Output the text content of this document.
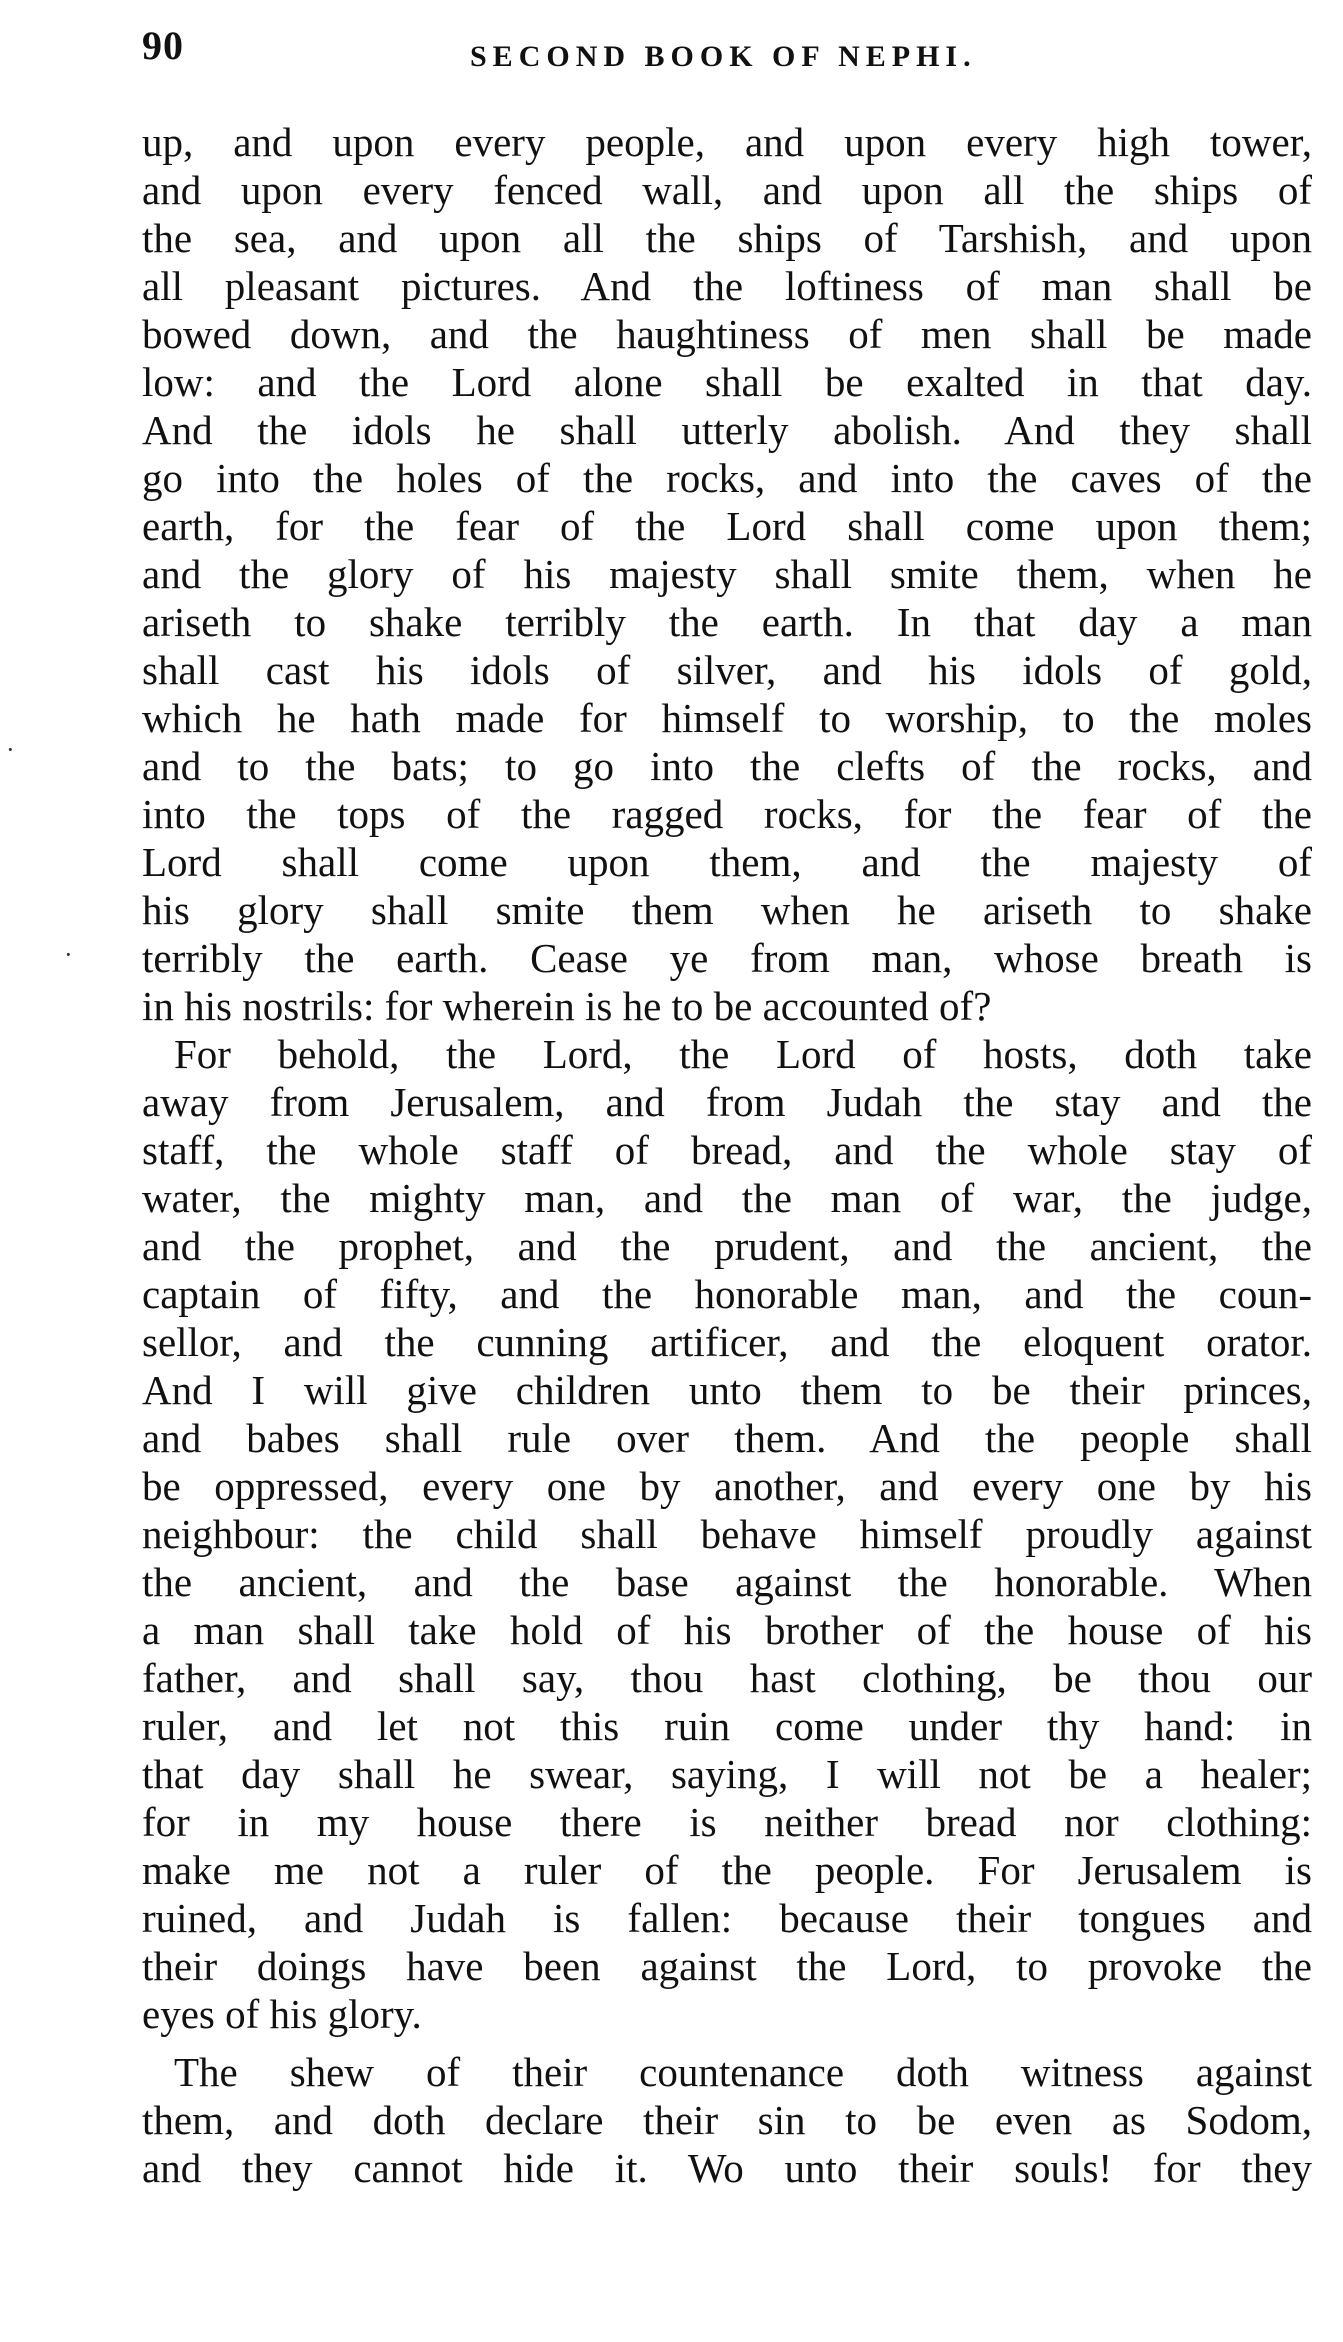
90	SECOND BOOK OF NEPHI.
·
·
up, and upon every people, and upon every high tower,
and upon every fenced wall, and upon all the ships of
the sea, and upon all the ships of Tarshish, and upon
all pleasant pictures. And the loftiness of man shall be
bowed down, and the haughtiness of men shall be made
low: and the Lord alone shall be exalted in that day.
And the idols he shall utterly abolish. And they shall
go into the holes of the rocks, and into the caves of the
earth, for the fear of the Lord shall come upon them;
and the glory of his majesty shall smite them, when he
ariseth to shake terribly the earth. In that day a man
shall cast his idols of silver, and his idols of gold,
which he hath made for himself to worship, to the moles
and to the bats; to go into the clefts of the rocks, and
into the tops of the ragged rocks, for the fear of the
Lord shall come upon them, and the majesty of
his glory shall smite them when he ariseth to shake
terribly the earth. Cease ye from man, whose breath is
in his nostrils: for wherein is he to be accounted of?
For behold, the Lord, the Lord of hosts, doth take
away from Jerusalem, and from Judah the stay and the
staff, the whole staff of bread, and the whole stay of
water, the mighty man, and the man of war, the judge,
and the prophet, and the prudent, and the ancient, the
captain of fifty, and the honorable man, and the coun-
sellor, and the cunning artificer, and the eloquent orator.
And I will give children unto them to be their princes,
and babes shall rule over them. And the people shall
be oppressed, every one by another, and every one by his
neighbour: the child shall behave himself proudly against
the ancient, and the base against the honorable. When
a man shall take hold of his brother of the house of his
father, and shall say, thou hast clothing, be thou our
ruler, and let not this ruin come under thy hand: in
that day shall he swear, saying, I will not be a healer;
for in my house there is neither bread nor clothing:
make me not a ruler of the people. For Jerusalem is
ruined, and Judah is fallen: because their tongues and
their doings have been against the Lord, to provoke the
eyes of his glory.
The shew of their countenance doth witness against
them, and doth declare their sin to be even as Sodom,
and they cannot hide it. Wo unto their souls! for they
